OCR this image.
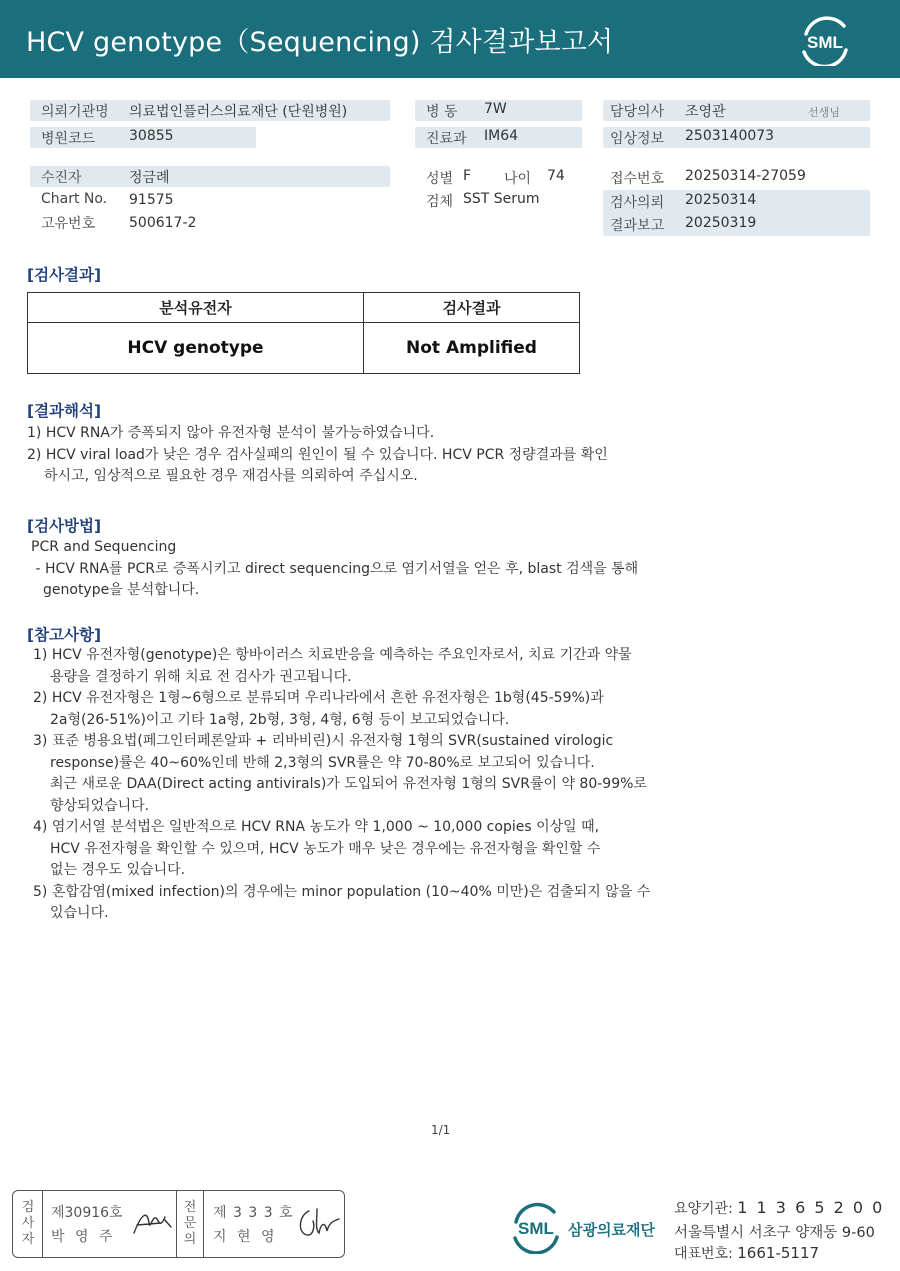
HCV genotype（Sequencing) 검사결과보고서	SML
의뢰기관명 의료법인플러스의료재단 (단원병원)
병원코드 30855
수진자	정금례
Chart No. 91575
고유번호 500617-2
병 동 7W
진료과 IM64
성별 F 나이 74
검체 SST Serum
담당의사 조영관	선생님
임상정보 2503140073
접수번호 20250314-27059
검사의뢰 20250314
결과보고 20250319
[검사결과]
분석유전자	검사결과
HCV genotype	Not Amplified
[결과해석]
1) HCV RNA가 증폭되지 않아 유전자형 분석이 불가능하였습니다.
2) HCV viral load가 낮은 경우 검사실패의 원인이 될 수 있습니다. HCV PCR 정량결과를 확인
하시고, 임상적으로 필요한 경우 재검사를 의뢰하여 주십시오.
[검사방법]
PCR and Sequencing
- HCV RNA를 PCR로 증폭시키고 direct sequencing으로 염기서열을 얻은 후, blast 검색을 통해
genotype을 분석합니다.
[참고사항]
1) HCV 유전자형(genotype)은 항바이러스 치료반응을 예측하는 주요인자로서, 치료 기간과 약물
용량을 결정하기 위해 치료 전 검사가 권고됩니다.
2) HCV 유전자형은 1형~6형으로 분류되며 우리나라에서 흔한 유전자형은 1b형(45-59%)과
2a형(26-51%)이고 기타 1a형, 2b형, 3형, 4형, 6형 등이 보고되었습니다.
3) 표준 병용요법(페그인터페론알파 + 리바비린)시 유전자형 1형의 SVR(sustained virologic
response)률은 40~60%인데 반해 2,3형의 SVR률은 약 70-80%로 보고되어 있습니다.
최근 새로운 DAA(Direct acting antivirals)가 도입되어 유전자형 1형의 SVR률이 약 80-99%로
향상되었습니다.
4) 염기서열 분석법은 일반적으로 HCV RNA 농도가 약 1,000 ~ 10,000 copies 이상일 때,
HCV 유전자형을 확인할 수 있으며, HCV 농도가 매우 낮은 경우에는 유전자형을 확인할 수
없는 경우도 있습니다.
5) 혼합감염(mixed infection)의 경우에는 minor population (10~40% 미만)은 검출되지 않을 수
있습니다.
1/1
검
사
자
제30916호
박 영 주
전
문
의
제 3 3 3 호
지 현 영	SML 삼광의료재단
요양기관: 1 1 3 6 5 2 0 0
서울특별시 서초구 양재동 9-60
대표번호: 1661-5117
